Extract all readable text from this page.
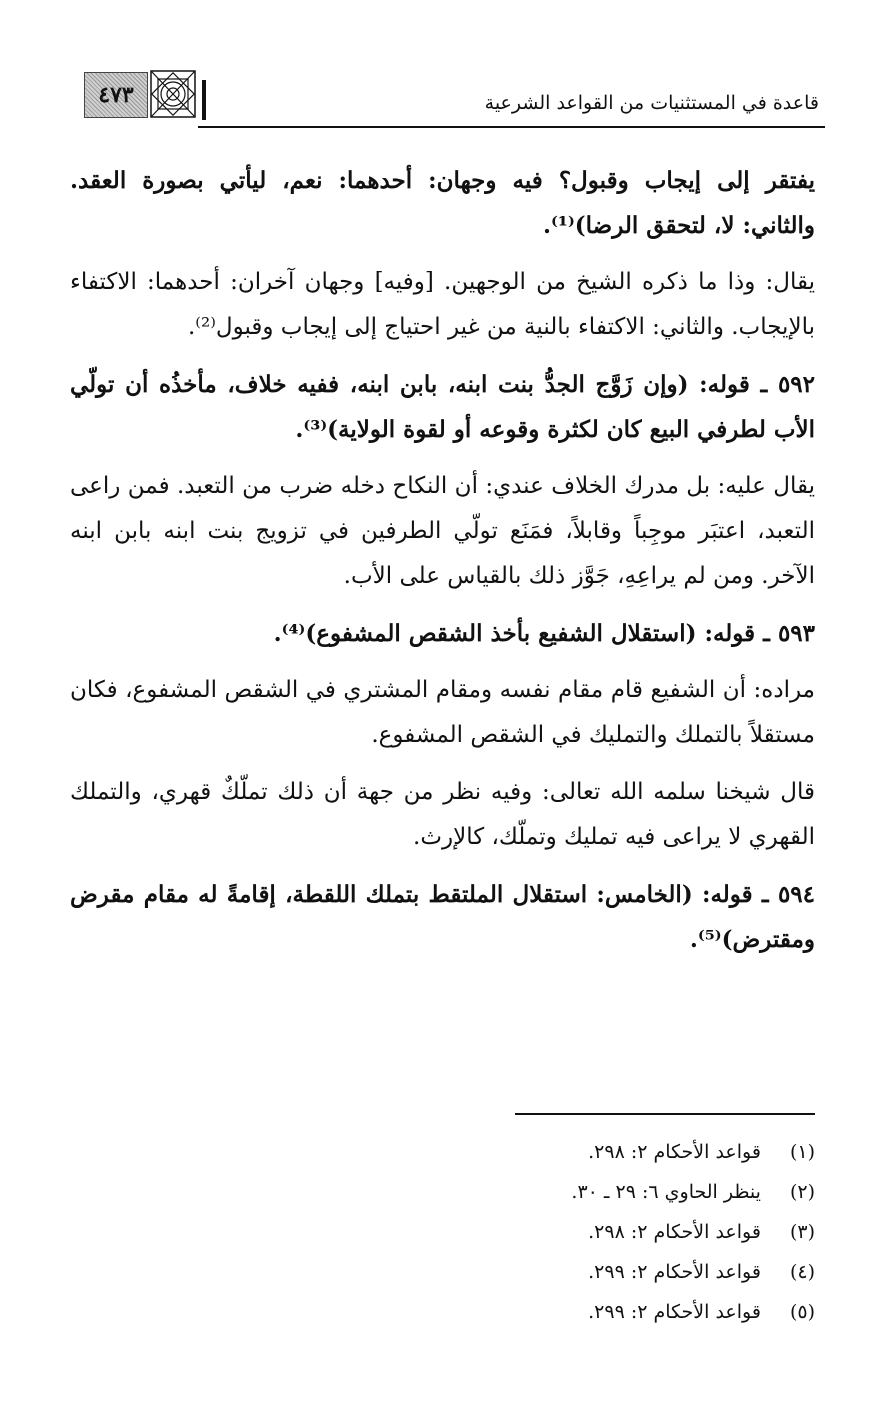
٤٧٣	قاعدة في المستثنيات من القواعد الشرعية

يفتقر إلى إيجاب وقبول؟ فيه وجهان: أحدهما: نعم، ليأتي بصورة العقد. والثاني: لا، لتحقق الرضا)⁽¹⁾.

يقال: وذا ما ذكره الشيخ من الوجهين. [وفيه] وجهان آخران: أحدهما: الاكتفاء بالإيجاب. والثاني: الاكتفاء بالنية من غير احتياج إلى إيجاب وقبول⁽²⁾.

٥٩٢ ـ قوله: (وإن زَوَّج الجدُّ بنت ابنه، بابن ابنه، ففيه خلاف، مأخذُه أن تولّي الأب لطرفي البيع كان لكثرة وقوعه أو لقوة الولاية)⁽³⁾.

يقال عليه: بل مدرك الخلاف عندي: أن النكاح دخله ضرب من التعبد. فمن راعى التعبد، اعتبَر موجِباً وقابلاً، فمَنَع تولّي الطرفين في تزويج بنت ابنه بابن ابنه الآخر. ومن لم يراعِهِ، جَوَّز ذلك بالقياس على الأب.

٥٩٣ ـ قوله: (استقلال الشفيع بأخذ الشقص المشفوع)⁽⁴⁾.

مراده: أن الشفيع قام مقام نفسه ومقام المشتري في الشقص المشفوع، فكان مستقلاً بالتملك والتمليك في الشقص المشفوع.

قال شيخنا سلمه الله تعالى: وفيه نظر من جهة أن ذلك تملّكٌ قهري، والتملك القهري لا يراعى فيه تمليك وتملّك، كالإرث.

٥٩٤ ـ قوله: (الخامس: استقلال الملتقط بتملك اللقطة، إقامةً له مقام مقرض ومقترض)⁽⁵⁾.

(١) قواعد الأحكام ٢: ٢٩٨.
(٢) ينظر الحاوي ٦: ٢٩ ـ ٣٠.
(٣) قواعد الأحكام ٢: ٢٩٨.
(٤) قواعد الأحكام ٢: ٢٩٩.
(٥) قواعد الأحكام ٢: ٢٩٩.
